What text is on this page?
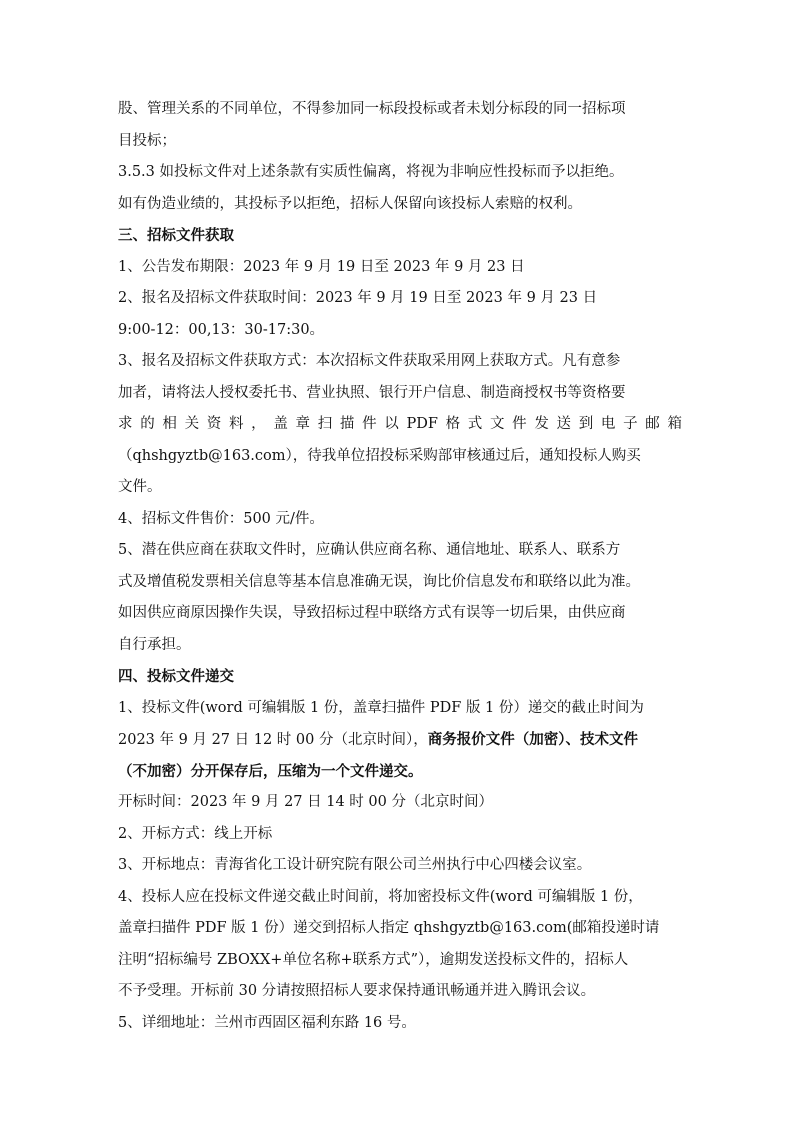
股、管理关系的不同单位，不得参加同一标段投标或者未划分标段的同一招标项
目投标；
3.5.3 如投标文件对上述条款有实质性偏离，将视为非响应性投标而予以拒绝。
如有伪造业绩的，其投标予以拒绝，招标人保留向该投标人索赔的权利。
三、招标文件获取
1、公告发布期限：2023 年 9 月 19 日至 2023 年 9 月 23 日
2、报名及招标文件获取时间：2023 年 9 月 19 日至 2023 年 9 月 23 日
9:00-12：00,13：30-17:30。
3、报名及招标文件获取方式：本次招标文件获取采用网上获取方式。凡有意参
加者，请将法人授权委托书、营业执照、银行开户信息、制造商授权书等资格要
求 的 相 关 资 料 ， 盖 章 扫 描 件 以 PDF 格 式 文 件 发 送 到 电 子 邮 箱
（qhshgyztb@163.com），待我单位招投标采购部审核通过后，通知投标人购买
文件。
4、招标文件售价：500 元/件。
5、潜在供应商在获取文件时，应确认供应商名称、通信地址、联系人、联系方
式及增值税发票相关信息等基本信息准确无误，询比价信息发布和联络以此为准。
如因供应商原因操作失误，导致招标过程中联络方式有误等一切后果，由供应商
自行承担。
四、投标文件递交
1、投标文件(word 可编辑版 1 份，盖章扫描件 PDF 版 1 份）递交的截止时间为
2023 年 9 月 27 日 12 时 00 分（北京时间），商务报价文件（加密）、技术文件
（不加密）分开保存后，压缩为一个文件递交。
开标时间：2023 年 9 月 27 日 14 时 00 分（北京时间）
2、开标方式：线上开标
3、开标地点：青海省化工设计研究院有限公司兰州执行中心四楼会议室。
4、投标人应在投标文件递交截止时间前，将加密投标文件(word 可编辑版 1 份，
盖章扫描件 PDF 版 1 份）递交到招标人指定 qhshgyztb@163.com(邮箱投递时请
注明“招标编号 ZBOXX+单位名称+联系方式”），逾期发送投标文件的，招标人
不予受理。开标前 30 分请按照招标人要求保持通讯畅通并进入腾讯会议。
5、详细地址：兰州市西固区福利东路 16 号。
